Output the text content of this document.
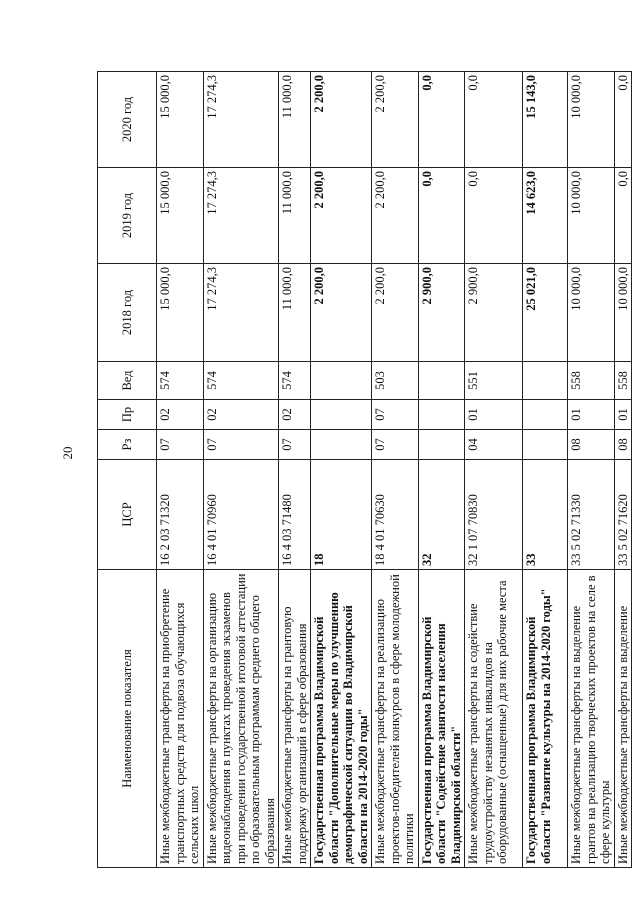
20
Наименование показателя	ЦСР	Рз	Пр	Вед	2018 год	2019 год	2020 год
Иные межбюджетные трансферты на приобретение транспортных средств для подвоза обучающихся сельских школ	16 2 03 71320	07	02	574	15 000,0	15 000,0	15 000,0
Иные межбюджетные трансферты на организацию видеонаблюдения в пунктах проведения экзаменов при проведении государственной итоговой аттестации по образовательным программам среднего общего образования	16 4 01 70960	07	02	574	17 274,3	17 274,3	17 274,3
Иные межбюджетные трансферты на грантовую поддержку организаций в сфере образования	16 4 03 71480	07	02	574	11 000,0	11 000,0	11 000,0
Государственная программа Владимирской области "Дополнительные меры по улучшению демографической ситуации во Владимирской области на 2014-2020 годы"	18				2 200,0	2 200,0	2 200,0
Иные межбюджетные трансферты на реализацию проектов-победителей конкурсов в сфере молодежной политики	18 4 01 70630	07	07	503	2 200,0	2 200,0	2 200,0
Государственная программа Владимирской области "Содействие занятости населения Владимирской области"	32				2 900,0	0,0	0,0
Иные межбюджетные трансферты на содействие трудоустройству незанятых инвалидов на оборудованные (оснащенные) для них рабочие места	32 1 07 70830	04	01	551	2 900,0	0,0	0,0
Государственная программа Владимирской области "Развитие культуры на 2014-2020 годы"	33				25 021,0	14 623,0	15 143,0
Иные межбюджетные трансферты на выделение грантов на реализацию творческих проектов на селе в сфере культуры	33 5 02 71330	08	01	558	10 000,0	10 000,0	10 000,0
Иные межбюджетные трансферты на выделение	33 5 02 71620	08	01	558	10 000,0	0,0	0,0
